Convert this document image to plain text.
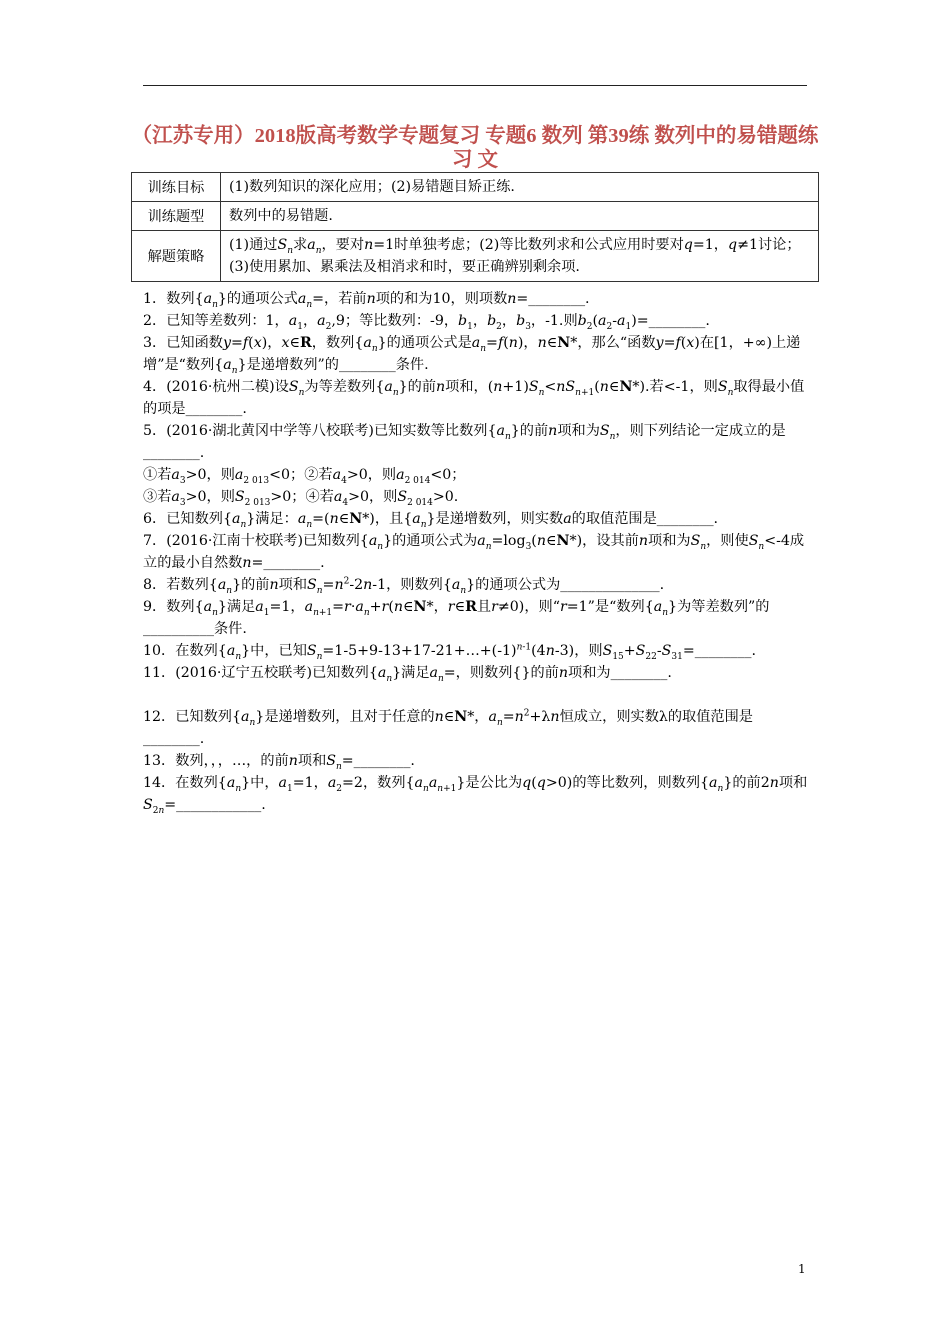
（江苏专用）2018版高考数学专题复习 专题6 数列 第39练 数列中的易错题练习 文
训练目标	(1)数列知识的深化应用；(2)易错题目矫正练.
训练题型	数列中的易错题.
解题策略	(1)通过$S_n$求$a_n$，要对n=1时单独考虑；(2)等比数列求和公式应用时要对q=1，q≠1讨论；(3)使用累加、累乘法及相消求和时，要正确辨别剩余项.

1．数列$\{a_n\}$的通项公式$a_n=$，若前n项的和为10，则项数n=________.

2．已知等差数列：1，$a_1$，$a_2,9$；等比数列：-9，$b_1$，$b_2$，$b_3$，-1.则$b_2(a_2-a_1)=\_\_\_\_\_\_\_\_$.

3．已知函数y=f(x)，x∈R，数列$\{a_n\}$的通项公式是$a_n=f(n)$，n∈N*，那么“函数y=f(x)在[1，+∞)上递增”是“数列$\{a_n\}$是递增数列”的________条件.

4．(2016·杭州二模)设$S_n$为等差数列$\{a_n\}$的前n项和，$(n+1)S_n<nS_{n+1}(n\in N*)$.若<-1，则$S_n$取得最小值的项是________.

5．(2016·湖北黄冈中学等八校联考)已知实数等比数列$\{a_n\}$的前n项和为$S_n$，则下列结论一定成立的是________.

①若$a_3>0$，则$a_{2 013}<0$；②若$a_4>0$，则$a_{2 014}<0$；

③若$a_3>0$，则$S_{2 013}>0$；④若$a_4>0$，则$S_{2 014}>0$.

6．已知数列$\{a_n\}$满足：$a_n=(n\in N*)$，且$\{a_n\}$是递增数列，则实数a的取值范围是________.

7．(2016·江南十校联考)已知数列$\{a_n\}$的通项公式为$a_n=\log_3(n\in N*)$，设其前n项和为$S_n$，则使$S_n<-4$成立的最小自然数n=________.

8．若数列$\{a_n\}$的前n项和$S_n=n^2-2n-1$，则数列$\{a_n\}$的通项公式为______________.

9．数列$\{a_n\}$满足$a_1=1$，$a_{n+1}=r\cdot a_n+r(n\in N*$，r∈R且r≠0)，则“r=1”是“数列$\{a_n\}$为等差数列”的__________条件.

10．在数列$\{a_n\}$中，已知$S_n=1-5+9-13+17-21+\dots+(-1)^{n-1}(4n-3)$，则$S_{15}+S_{22}-S_{31}=\_\_\_\_\_\_\_\_$.

11．(2016·辽宁五校联考)已知数列$\{a_n\}$满足$a_n=$，则数列{}的前n项和为________.

12．已知数列$\{a_n\}$是递增数列，且对于任意的n∈N*，$a_n=n^2+\lambda n$恒成立，则实数λ的取值范围是________.

13．数列，，，…，的前n项和$S_n=\_\_\_\_\_\_\_\_$.

14．在数列$\{a_n\}$中，$a_1=1$，$a_2=2$，数列$\{a_na_{n+1}\}$是公比为q(q>0)的等比数列，则数列$\{a_n\}$的前2n项和$S_{2n}=\_\_\_\_\_\_\_\_\_\_\_\_$.

1
